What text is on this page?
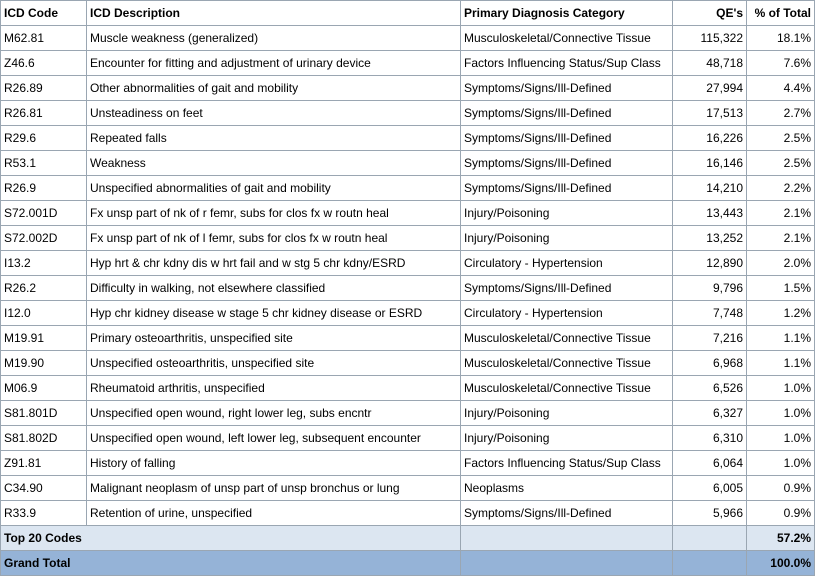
ICD Code	ICD Description	Primary Diagnosis Category	QE's	% of Total
M62.81	Muscle weakness (generalized)	Musculoskeletal/Connective Tissue	115,322	18.1%
Z46.6	Encounter for fitting and adjustment of urinary device	Factors Influencing Status/Sup Class	48,718	7.6%
R26.89	Other abnormalities of gait and mobility	Symptoms/Signs/Ill-Defined	27,994	4.4%
R26.81	Unsteadiness on feet	Symptoms/Signs/Ill-Defined	17,513	2.7%
R29.6	Repeated falls	Symptoms/Signs/Ill-Defined	16,226	2.5%
R53.1	Weakness	Symptoms/Signs/Ill-Defined	16,146	2.5%
R26.9	Unspecified abnormalities of gait and mobility	Symptoms/Signs/Ill-Defined	14,210	2.2%
S72.001D	Fx unsp part of nk of r femr, subs for clos fx w routn heal	Injury/Poisoning	13,443	2.1%
S72.002D	Fx unsp part of nk of l femr, subs for clos fx w routn heal	Injury/Poisoning	13,252	2.1%
I13.2	Hyp hrt & chr kdny dis w hrt fail and w stg 5 chr kdny/ESRD	Circulatory - Hypertension	12,890	2.0%
R26.2	Difficulty in walking, not elsewhere classified	Symptoms/Signs/Ill-Defined	9,796	1.5%
I12.0	Hyp chr kidney disease w stage 5 chr kidney disease or ESRD	Circulatory - Hypertension	7,748	1.2%
M19.91	Primary osteoarthritis, unspecified site	Musculoskeletal/Connective Tissue	7,216	1.1%
M19.90	Unspecified osteoarthritis, unspecified site	Musculoskeletal/Connective Tissue	6,968	1.1%
M06.9	Rheumatoid arthritis, unspecified	Musculoskeletal/Connective Tissue	6,526	1.0%
S81.801D	Unspecified open wound, right lower leg, subs encntr	Injury/Poisoning	6,327	1.0%
S81.802D	Unspecified open wound, left lower leg, subsequent encounter	Injury/Poisoning	6,310	1.0%
Z91.81	History of falling	Factors Influencing Status/Sup Class	6,064	1.0%
C34.90	Malignant neoplasm of unsp part of unsp bronchus or lung	Neoplasms	6,005	0.9%
R33.9	Retention of urine, unspecified	Symptoms/Signs/Ill-Defined	5,966	0.9%
Top 20 Codes				57.2%
Grand Total				100.0%
